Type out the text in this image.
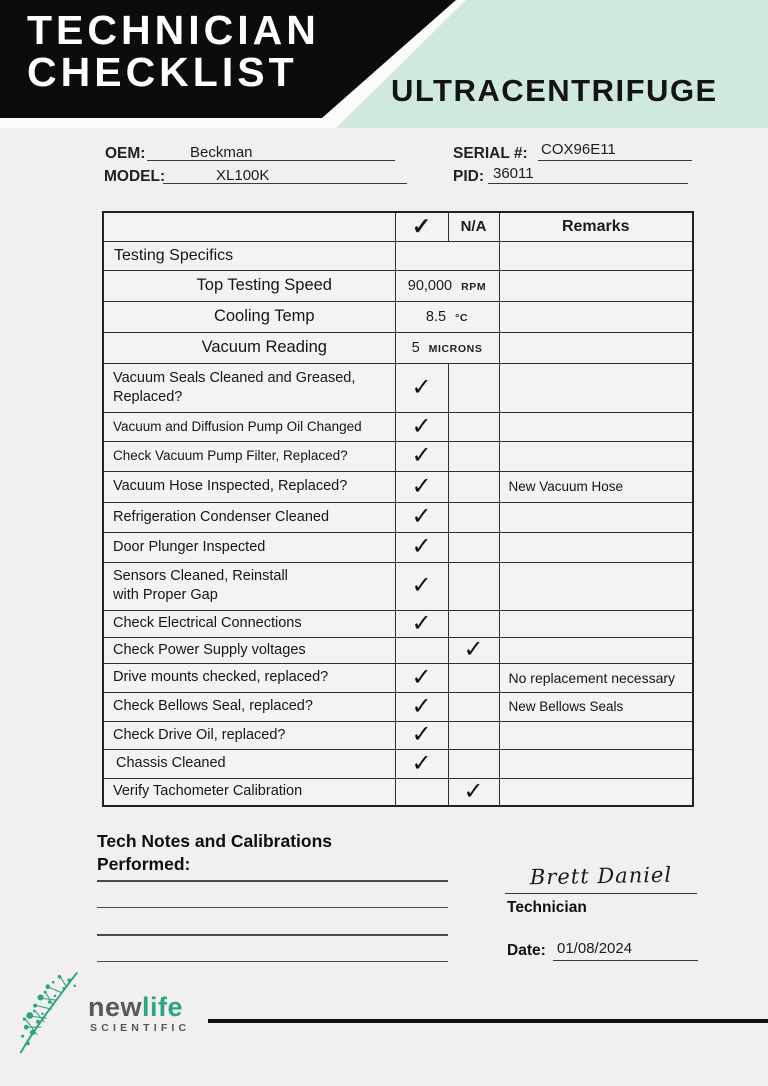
TECHNICIAN
CHECKLIST	ULTRACENTRIFUGE
OEM:	Beckman
MODEL:	XL100K
SERIAL #: COX96E11
PID: 36011
	✓	N/A	Remarks
Testing Specifics			
Top Testing Speed	90,000 RPM		
Cooling Temp	8.5 °C		
Vacuum Reading	5 MICRONS		

Vacuum Seals Cleaned and Greased,
Replaced?	✓		
Vacuum and Diffusion Pump Oil Changed	✓		
Check Vacuum Pump Filter, Replaced?	✓		
Vacuum Hose Inspected, Replaced?	✓		New Vacuum Hose
Refrigeration Condenser Cleaned	✓		
Door Plunger Inspected	✓		

Sensors Cleaned, Reinstall
with Proper Gap	✓		
Check Electrical Connections	✓		
Check Power Supply voltages		✓	
Drive mounts checked, replaced?	✓		No replacement necessary
Check Bellows Seal, replaced?	✓		New Bellows Seals
Check Drive Oil, replaced?	✓		
Chassis Cleaned	✓		
Verify Tachometer Calibration		✓	
Tech Notes and Calibrations
Performed:	Brett Daniel
Technician
Date: 01/08/2024
newlife
SCIENTIFIC
